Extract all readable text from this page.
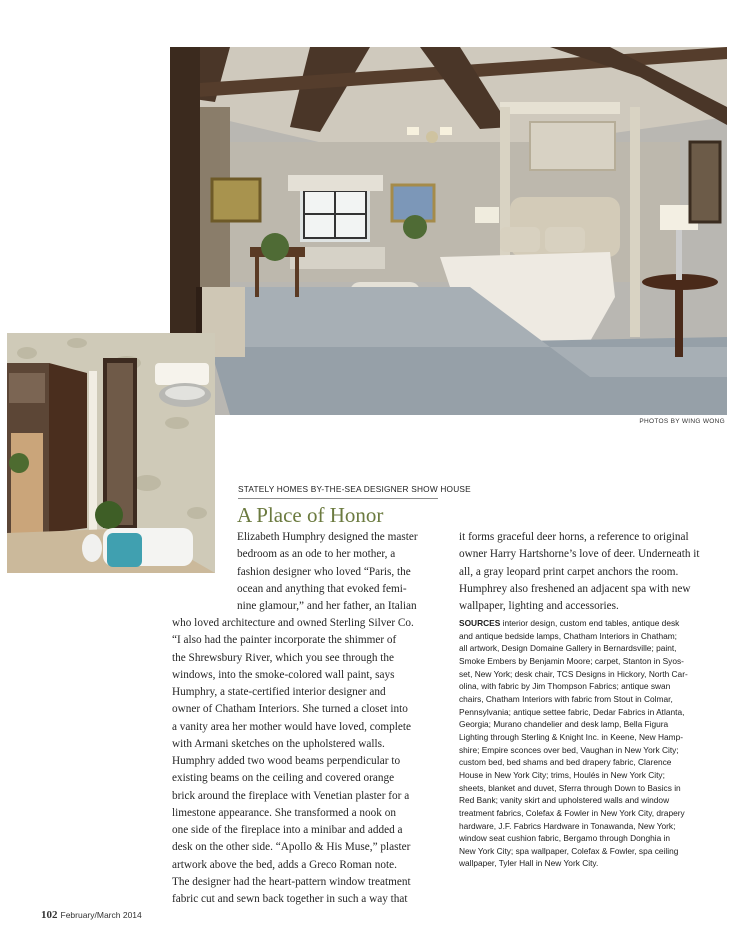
PHOTOS BY WING WONG
STATELY HOMES BY-THE-SEA DESIGNER SHOW HOUSE
A Place of Honor
Elizabeth Humphry designed the master
bedroom as an ode to her mother, a
fashion designer who loved “Paris, the
ocean and anything that evoked femi-
nine glamour,” and her father, an Italian
who loved architecture and owned Sterling Silver Co.
“I also had the painter incorporate the shimmer of
the Shrewsbury River, which you see through the
windows, into the smoke-colored wall paint, says
Humphry, a state-certified interior designer and
owner of Chatham Interiors. She turned a closet into
a vanity area her mother would have loved, complete
with Armani sketches on the upholstered walls.
Humphry added two wood beams perpendicular to
existing beams on the ceiling and covered orange
brick around the fireplace with Venetian plaster for a
limestone appearance. She transformed a nook on
one side of the fireplace into a minibar and added a
desk on the other side. “Apollo & His Muse,” plaster
artwork above the bed, adds a Greco Roman note.
The designer had the heart-pattern window treatment
fabric cut and sewn back together in such a way that
it forms graceful deer horns, a reference to original
owner Harry Hartshorne’s love of deer. Underneath it
all, a gray leopard print carpet anchors the room.
Humphrey also freshened an adjacent spa with new
wallpaper, lighting and accessories.
SOURCES interior design, custom end tables, antique desk
and antique bedside lamps, Chatham Interiors in Chatham;
all artwork, Design Domaine Gallery in Bernardsville; paint,
Smoke Embers by Benjamin Moore; carpet, Stanton in Syos-
set, New York; desk chair, TCS Designs in Hickory, North Car-
olina, with fabric by Jim Thompson Fabrics; antique swan
chairs, Chatham Interiors with fabric from Stout in Colmar,
Pennsylvania; antique settee fabric, Dedar Fabrics in Atlanta,
Georgia; Murano chandelier and desk lamp, Bella Figura
Lighting through Sterling & Knight Inc. in Keene, New Hamp-
shire; Empire sconces over bed, Vaughan in New York City;
custom bed, bed shams and bed drapery fabric, Clarence
House in New York City; trims, Houlés in New York City;
sheets, blanket and duvet, Sferra through Down to Basics in
Red Bank; vanity skirt and upholstered walls and window
treatment fabrics, Colefax & Fowler in New York City, drapery
hardware, J.F. Fabrics Hardware in Tonawanda, New York;
window seat cushion fabric, Bergamo through Donghia in
New York City; spa wallpaper, Colefax & Fowler, spa ceiling
wallpaper, Tyler Hall in New York City.
102 February/March 2014
